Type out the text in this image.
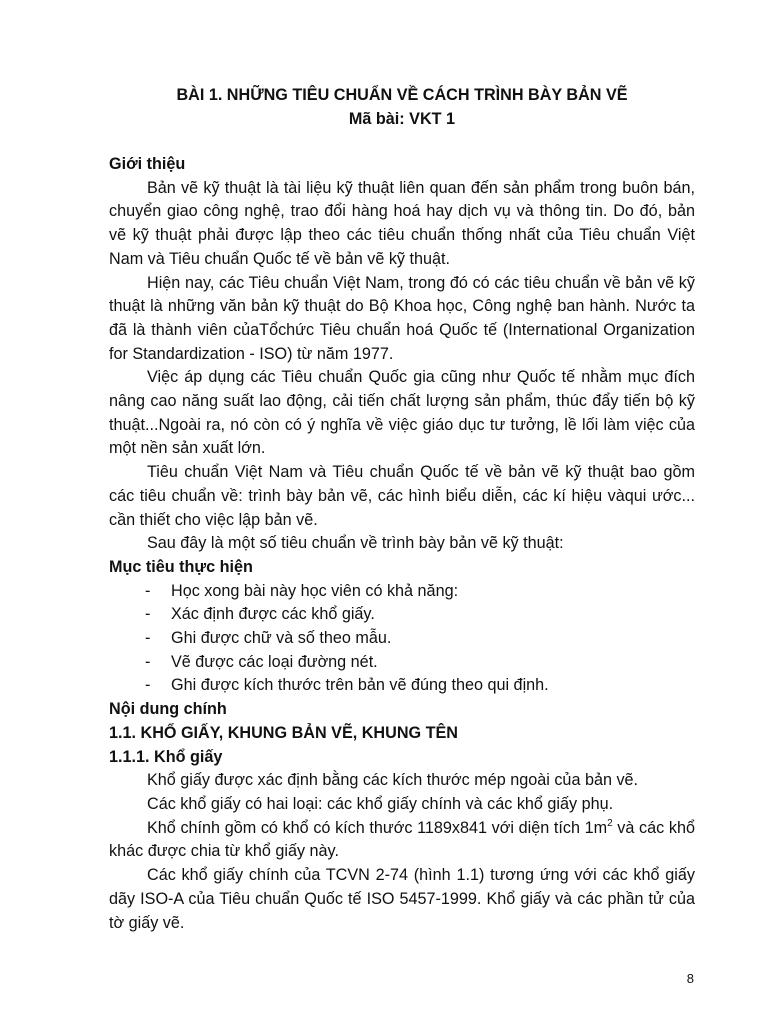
BÀI 1. NHỮNG TIÊU CHUẨN VỀ CÁCH TRÌNH BÀY BẢN VẼ

Mã bài: VKT 1

Giới thiệu

Bản vẽ kỹ thuật là tài liệu kỹ thuật liên quan đến sản phẩm trong buôn bán, chuyển giao công nghệ, trao đổi hàng hoá hay dịch vụ và thông tin. Do đó, bản vẽ kỹ thuật phải được lập theo các tiêu chuẩn thống nhất của Tiêu chuẩn Việt Nam và Tiêu chuẩn Quốc tế về bản vẽ kỹ thuật.

Hiện nay, các Tiêu chuẩn Việt Nam, trong đó có các tiêu chuẩn về bản vẽ kỹ thuật là những văn bản kỹ thuật do Bộ Khoa học, Công nghệ ban hành. Nước ta đã là thành viên củaTổchức Tiêu chuẩn hoá Quốc tế (International Organization for Standardization - ISO) từ năm 1977.

Việc áp dụng các Tiêu chuẩn Quốc gia cũng như Quốc tế nhằm mục đích nâng cao năng suất lao động, cải tiến chất lượng sản phẩm, thúc đẩy tiến bộ kỹ thuật...Ngoài ra, nó còn có ý nghĩa về việc giáo dục tư tưởng, lề lối làm việc của một nền sản xuất lớn.

Tiêu chuẩn Việt Nam và Tiêu chuẩn Quốc tế về bản vẽ kỹ thuật bao gồm các tiêu chuẩn về: trình bày bản vẽ, các hình biểu diễn, các kí hiệu vàqui ước... cần thiết cho việc lập bản vẽ.

Sau đây là một số tiêu chuẩn về trình bày bản vẽ kỹ thuật:

Mục tiêu thực hiện

- Học xong bài này học viên có khả năng:
- Xác định được các khổ giấy.
- Ghi được chữ và số theo mẫu.
- Vẽ được các loại đường nét.
- Ghi được kích thước trên bản vẽ đúng theo qui định.

Nội dung chính

1.1. KHỔ GIẤY, KHUNG BẢN VẼ, KHUNG TÊN

1.1.1. Khổ giấy

Khổ giấy được xác định bằng các kích thước mép ngoài của bản vẽ.

Các khổ giấy có hai loại: các khổ giấy chính và các khổ giấy phụ.

Khổ chính gồm có khổ có kích thước 1189x841 với diện tích $1m^2$ và các khổ khác được chia từ khổ giấy này.

Các khổ giấy chính của TCVN 2-74 (hình 1.1) tương ứng với các khổ giấy dãy ISO-A của Tiêu chuẩn Quốc tế ISO 5457-1999. Khổ giấy và các phần tử của tờ giấy vẽ.

8
